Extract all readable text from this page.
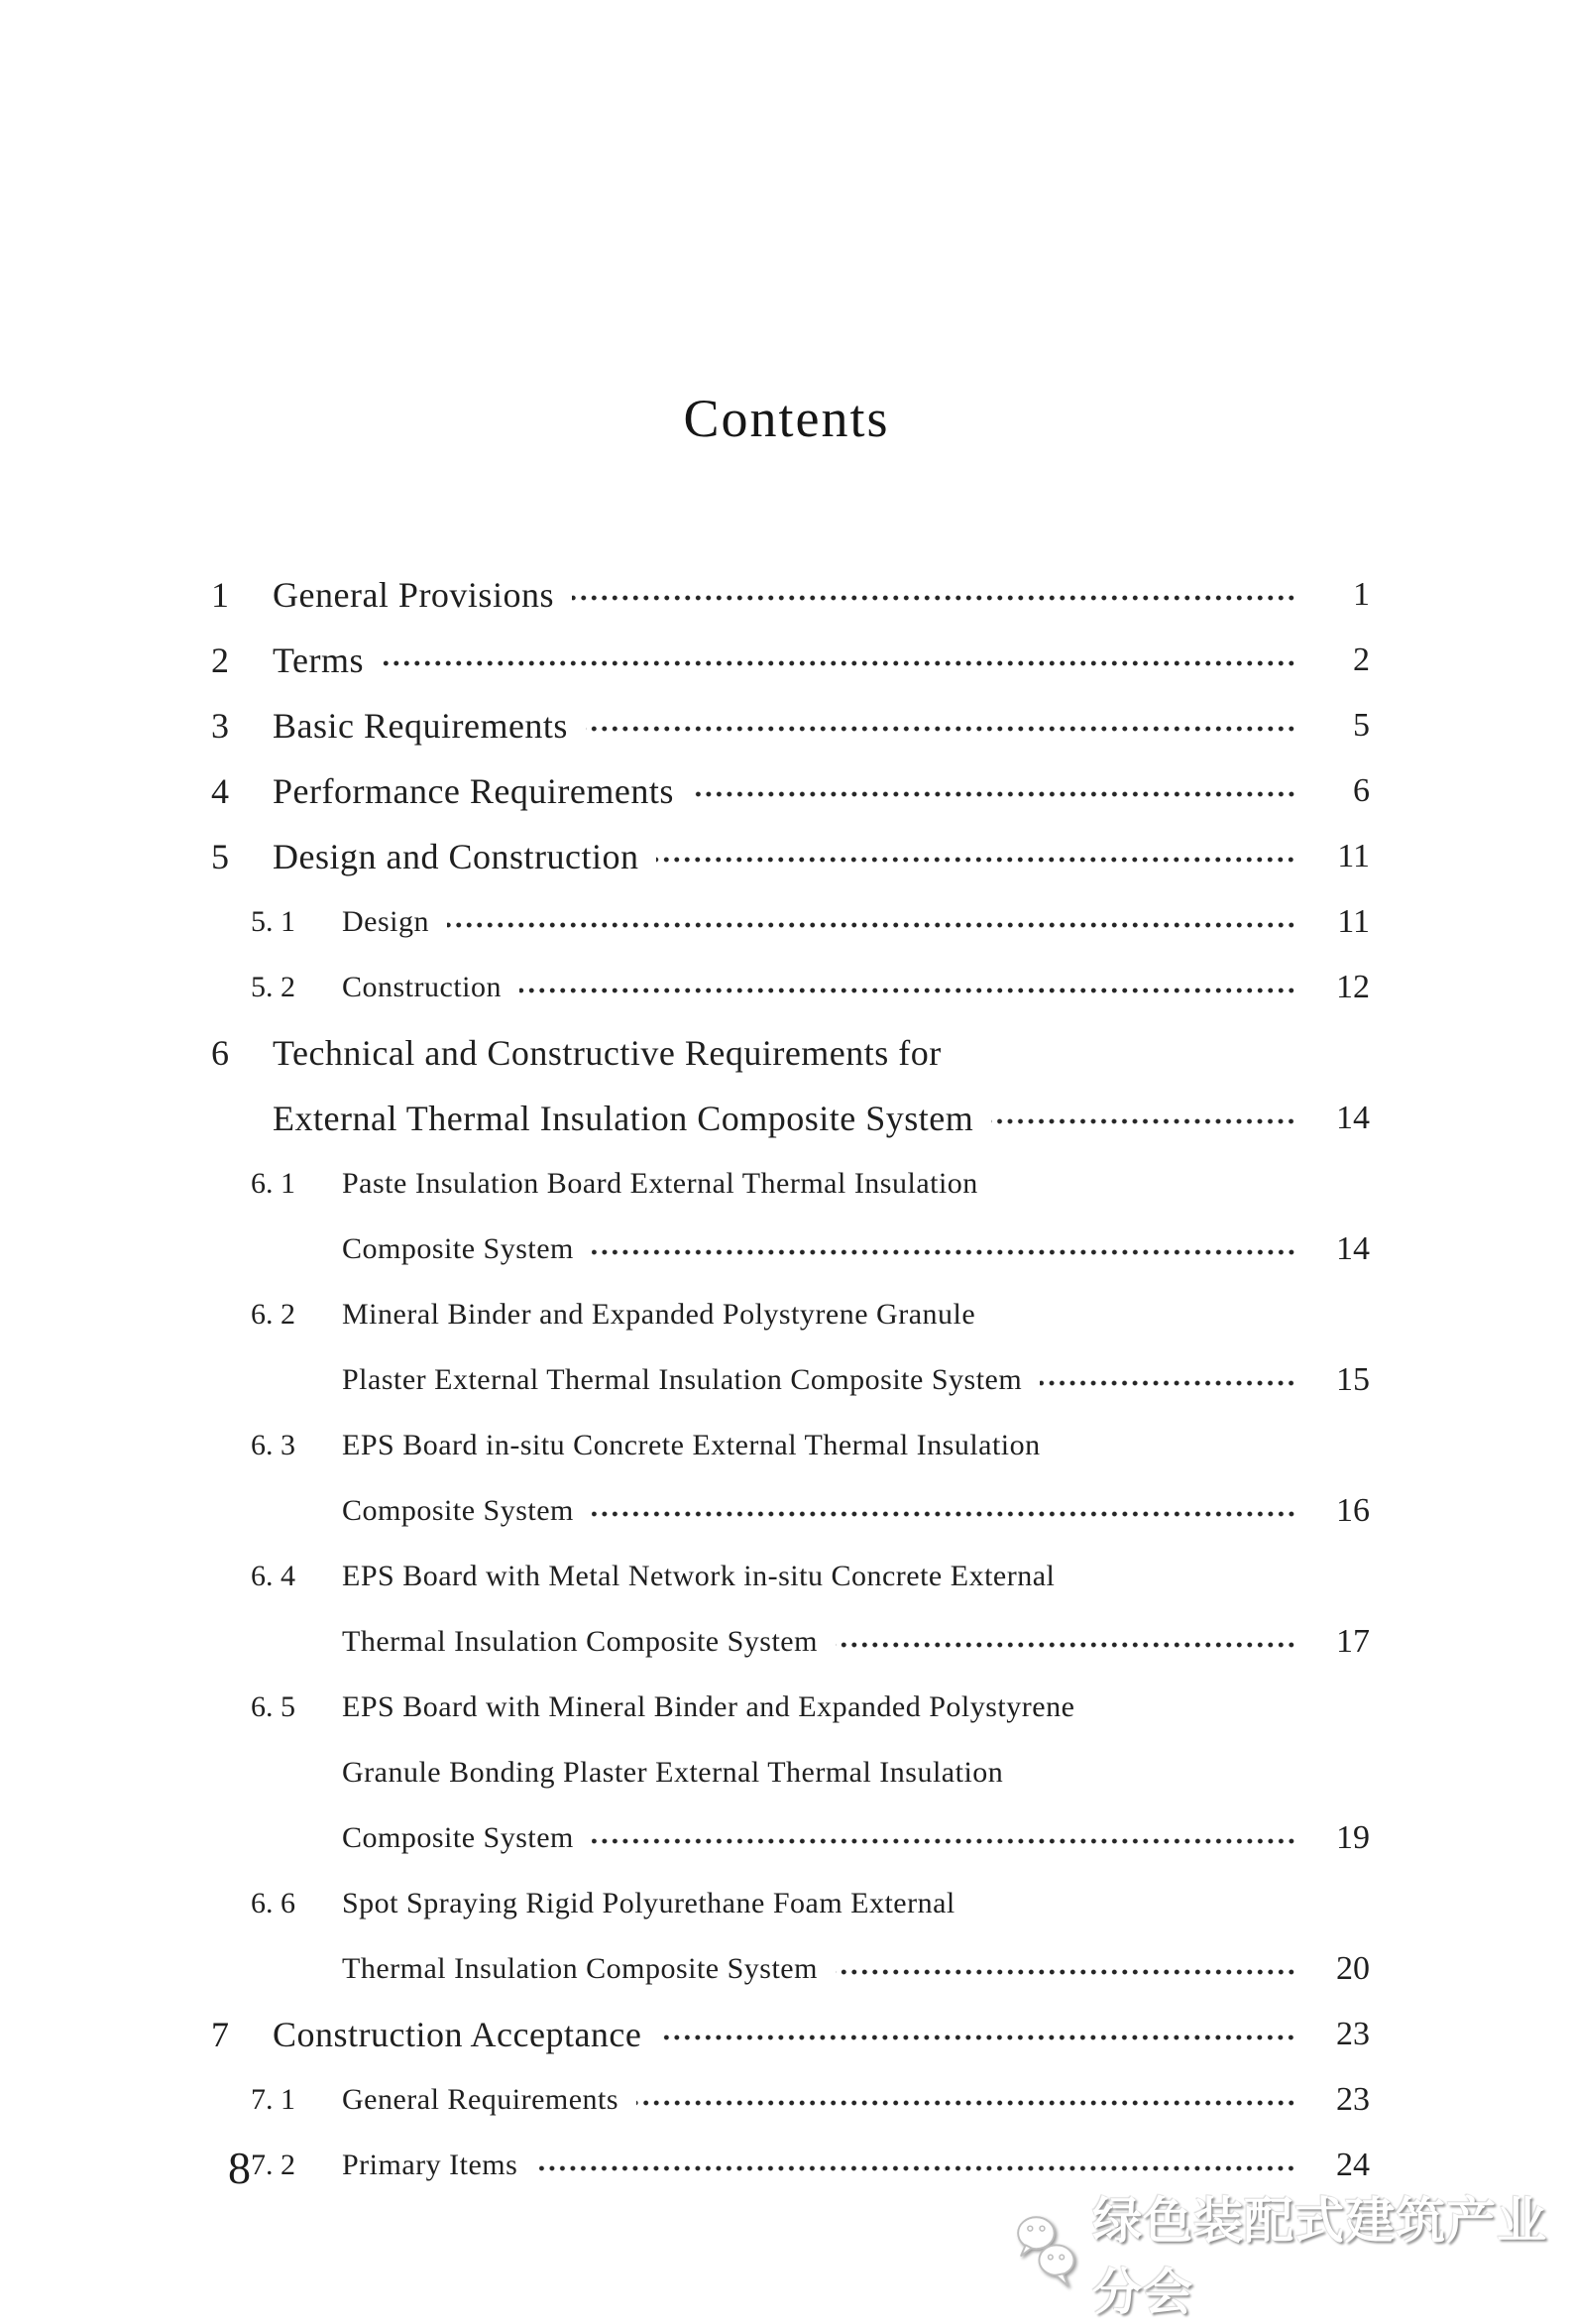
Contents
1	General Provisions	1
2	Terms	2
3	Basic Requirements	5
4	Performance Requirements	6
5	Design and Construction	11
5. 1	Design	11
5. 2	Construction	12
6	Technical and Constructive Requirements for
External Thermal Insulation Composite System	14
6. 1	Paste Insulation Board External Thermal Insulation
Composite System	14
6. 2	Mineral Binder and Expanded Polystyrene Granule
Plaster External Thermal Insulation Composite System	15
6. 3	EPS Board in-situ Concrete External Thermal Insulation
Composite System	16
6. 4	EPS Board with Metal Network in-situ Concrete External
Thermal Insulation Composite System	17
6. 5	EPS Board with Mineral Binder and Expanded Polystyrene
Granule Bonding Plaster External Thermal Insulation
Composite System	19
6. 6	Spot Spraying Rigid Polyurethane Foam External
Thermal Insulation Composite System	20
7	Construction Acceptance	23
7. 1	General Requirements	23
7. 2	Primary Items	24
8
绿色装配式建筑产业分会
